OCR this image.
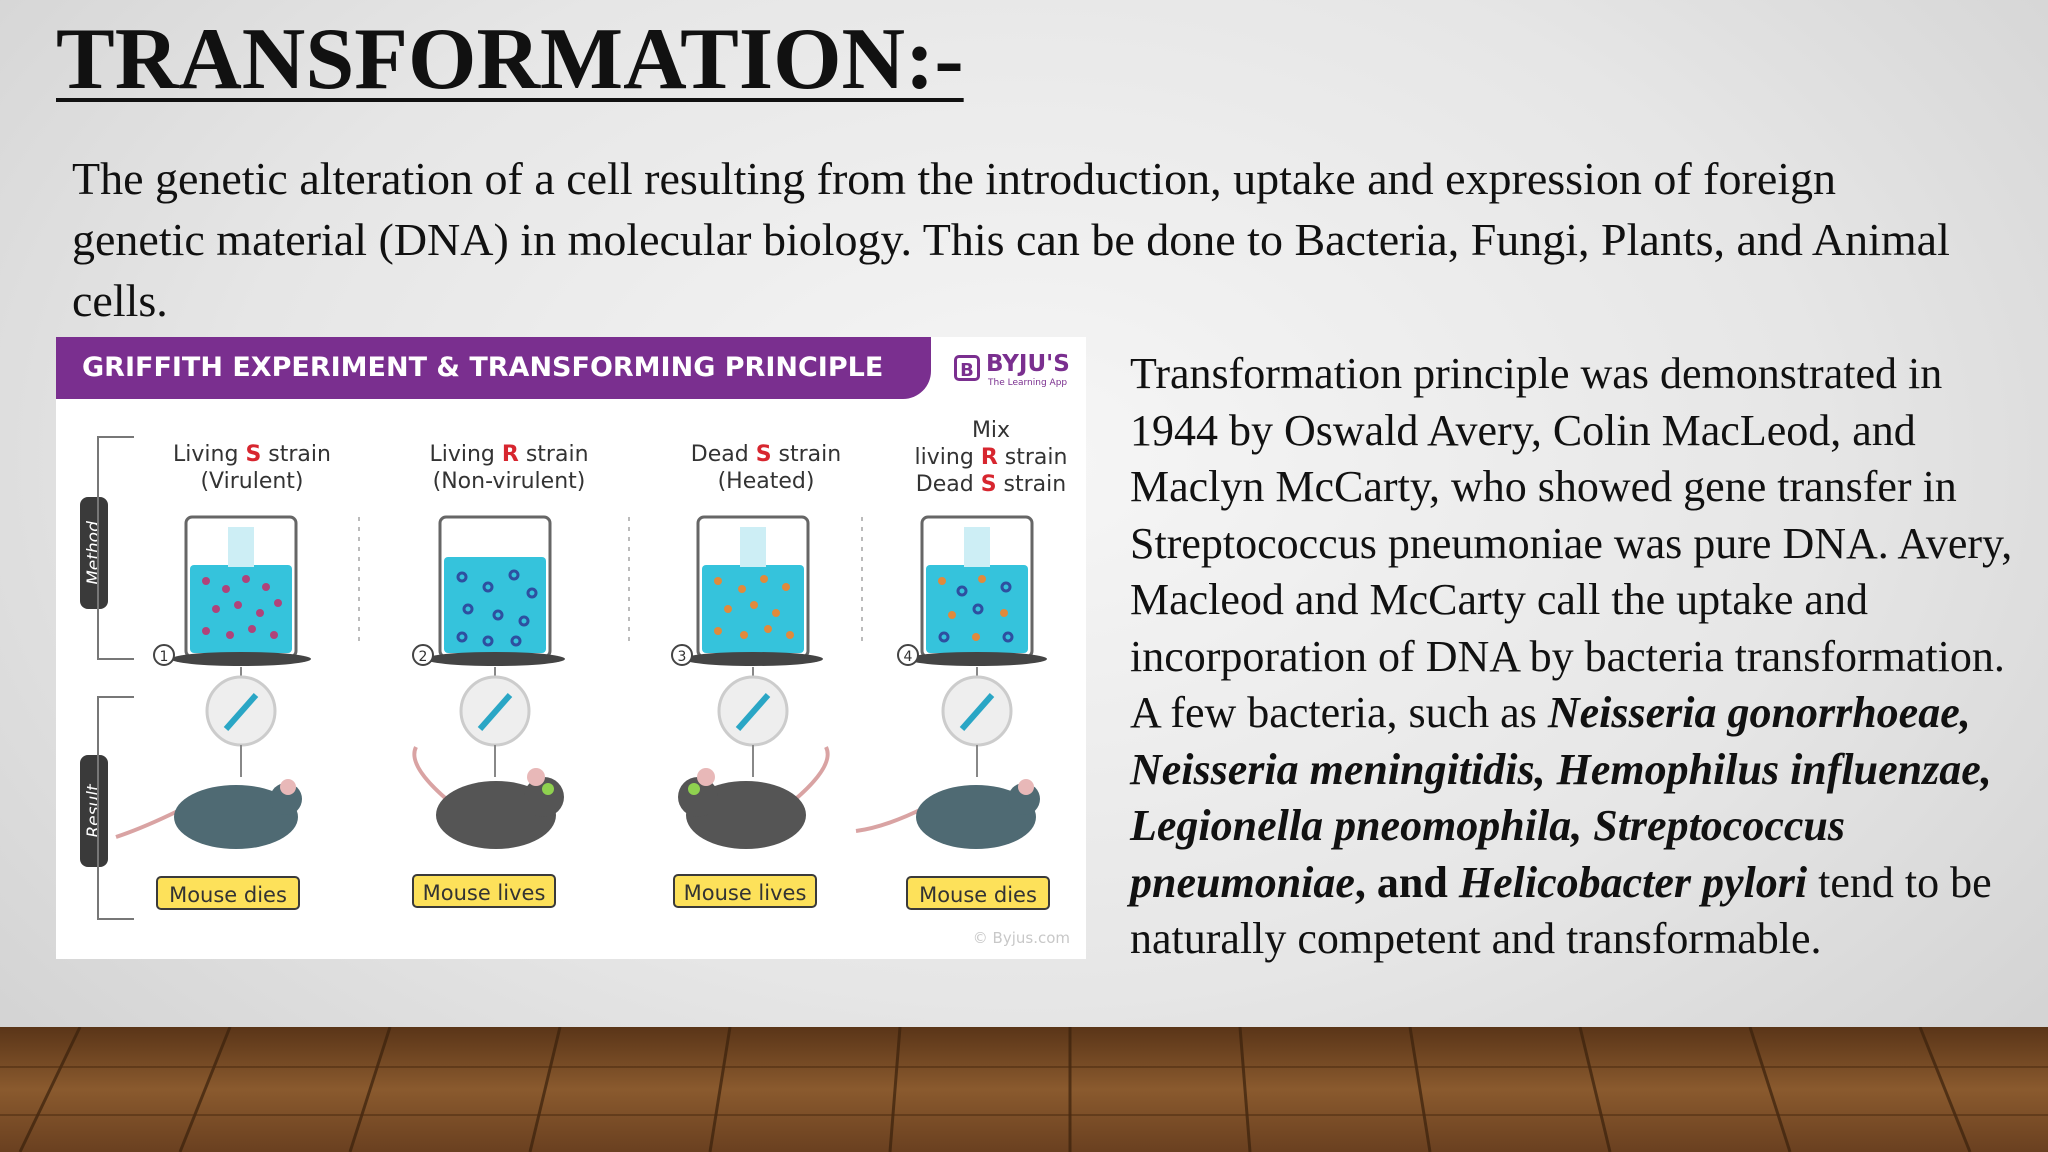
TRANSFORMATION:-

The genetic alteration of a cell resulting from the introduction, uptake and expression of foreign genetic material (DNA) in molecular biology. This can be done to Bacteria, Fungi, Plants, and Animal cells.

GRIFFITH EXPERIMENT & TRANSFORMING PRINCIPLE	B BYJU'S
The Learning App
Living S strain
(Virulent)
Living R strain
(Non-virulent)
Dead S strain
(Heated)
Mix
living R strain
Dead S strain
Method
Result
1	2	3	4
Mouse dies	Mouse lives	Mouse lives	Mouse dies
© Byjus.com

Transformation principle was demonstrated in 1944 by Oswald Avery, Colin MacLeod, and Maclyn McCarty, who showed gene transfer in Streptococcus pneumoniae was pure DNA. Avery, Macleod and McCarty call the uptake and incorporation of DNA by bacteria transformation. A few bacteria, such as Neisseria gonorrhoeae, Neisseria meningitidis, Hemophilus influenzae, Legionella pneomophila, Streptococcus pneumoniae, and Helicobacter pylori tend to be naturally competent and transformable.
